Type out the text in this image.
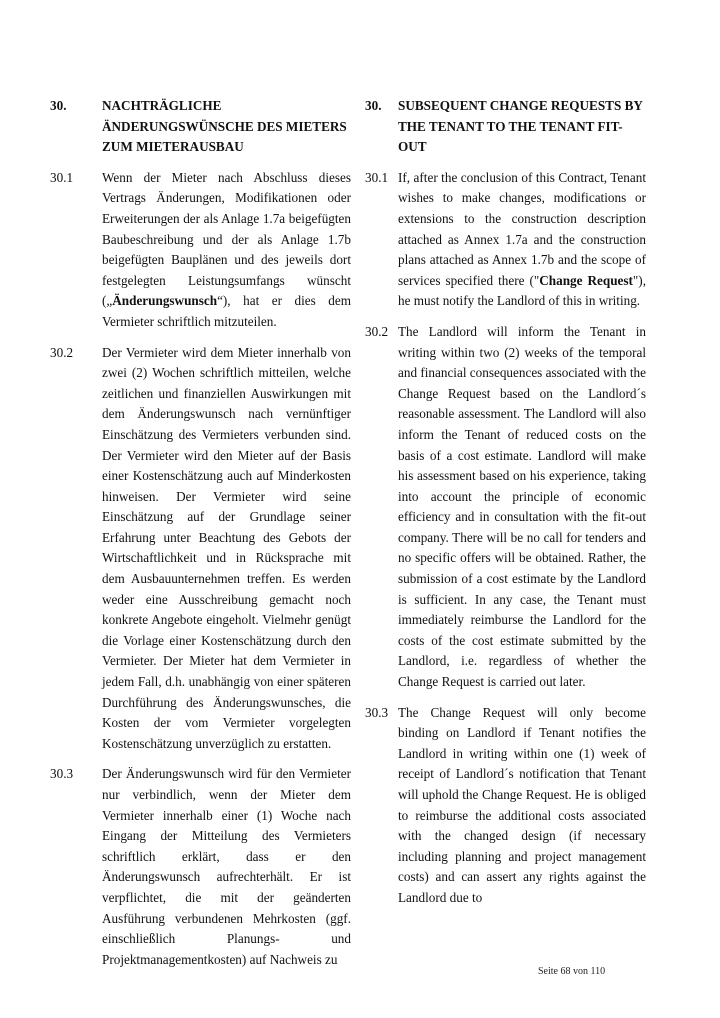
30.	NACHTRÄGLICHE ÄNDERUNGSWÜNSCHE DES MIETERS ZUM MIETERAUSBAU
30.1	Wenn der Mieter nach Abschluss dieses Vertrags Änderungen, Modifikationen oder Erweiterungen der als Anlage 1.7a beigefügten Baubeschreibung und der als Anlage 1.7b beigefügten Bauplänen und des jeweils dort festgelegten Leistungsumfangs wünscht („Änderungswunsch“), hat er dies dem Vermieter schriftlich mitzuteilen.
30.2	Der Vermieter wird dem Mieter innerhalb von zwei (2) Wochen schriftlich mitteilen, welche zeitlichen und finanziellen Auswirkungen mit dem Änderungswunsch nach vernünftiger Einschätzung des Vermieters verbunden sind. Der Vermieter wird den Mieter auf der Basis einer Kostenschätzung auch auf Minderkosten hinweisen. Der Vermieter wird seine Einschätzung auf der Grundlage seiner Erfahrung unter Beachtung des Gebots der Wirtschaftlichkeit und in Rücksprache mit dem Ausbauunternehmen treffen. Es werden weder eine Ausschreibung gemacht noch konkrete Angebote eingeholt. Vielmehr genügt die Vorlage einer Kostenschätzung durch den Vermieter. Der Mieter hat dem Vermieter in jedem Fall, d.h. unabhängig von einer späteren Durchführung des Änderungswunsches, die Kosten der vom Vermieter vorgelegten Kostenschätzung unverzüglich zu erstatten.
30.3	Der Änderungswunsch wird für den Vermieter nur verbindlich, wenn der Mieter dem Vermieter innerhalb einer (1) Woche nach Eingang der Mitteilung des Vermieters schriftlich erklärt, dass er den Änderungswunsch aufrechterhält. Er ist verpflichtet, die mit der geänderten Ausführung verbundenen Mehrkosten (ggf. einschließlich Planungs- und Projektmanagementkosten) auf Nachweis zu
30.	SUBSEQUENT CHANGE REQUESTS BY THE TENANT TO THE TENANT FIT-OUT
30.1 If, after the conclusion of this Contract, Tenant wishes to make changes, modifications or extensions to the construction description attached as Annex 1.7a and the construction plans attached as Annex 1.7b and the scope of services specified there ("Change Request"), he must notify the Landlord of this in writing.
30.2 The Landlord will inform the Tenant in writing within two (2) weeks of the temporal and financial consequences associated with the Change Request based on the Landlord´s reasonable assessment. The Landlord will also inform the Tenant of reduced costs on the basis of a cost estimate. Landlord will make his assessment based on his experience, taking into account the principle of economic efficiency and in consultation with the fit-out company. There will be no call for tenders and no specific offers will be obtained. Rather, the submission of a cost estimate by the Landlord is sufficient. In any case, the Tenant must immediately reimburse the Landlord for the costs of the cost estimate submitted by the Landlord, i.e. regardless of whether the Change Request is carried out later.
30.3 The Change Request will only become binding on Landlord if Tenant notifies the Landlord in writing within one (1) week of receipt of Landlord´s notification that Tenant will uphold the Change Request. He is obliged to reimburse the additional costs associated with the changed design (if necessary including planning and project management costs) and can assert any rights against the Landlord due to
Seite 68 von 110
